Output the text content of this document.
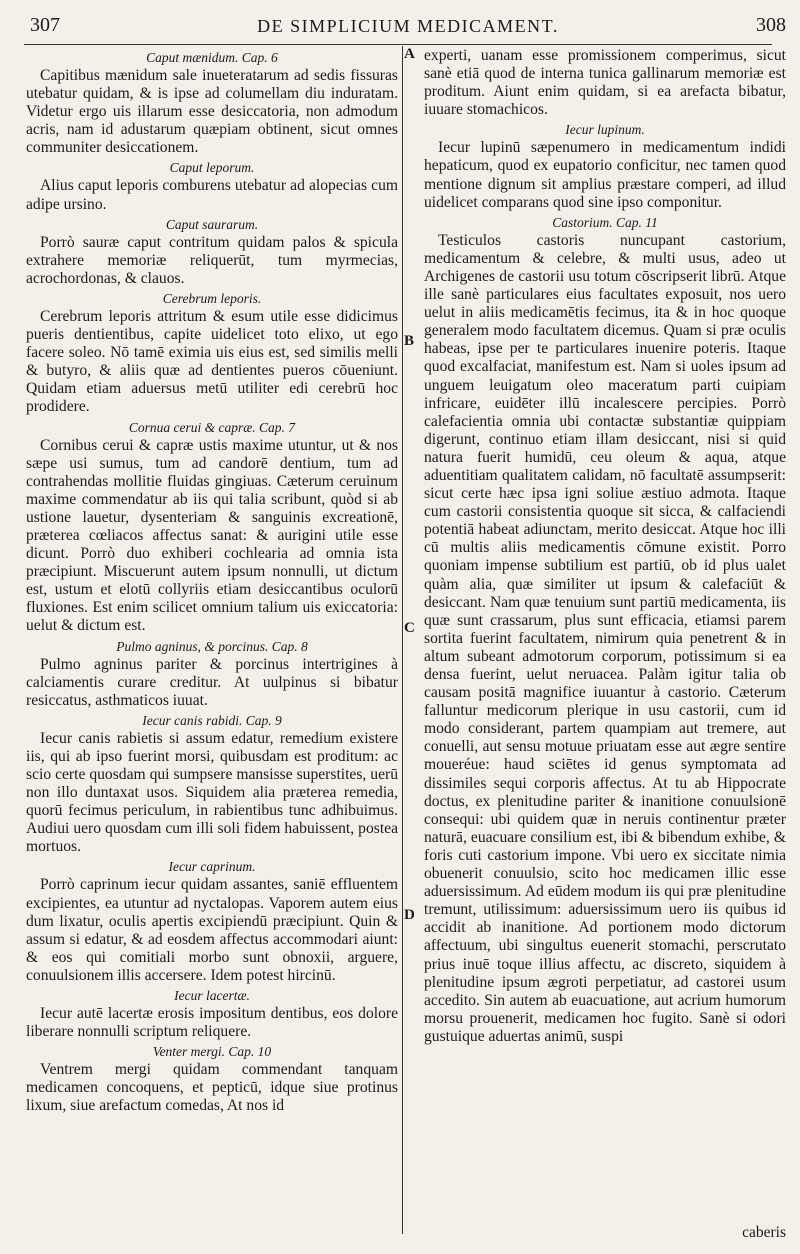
307	DE SIMPLICIUM MEDICAMENT.	308
A
B
C
D
Caput mænidum. Cap. 6

Capitibus mænidum sale inueteratarum ad sedis fissuras utebatur quidam, & is ipse ad columellam diu induratam. Videtur ergo uis illarum esse desiccatoria, non admodum acris, nam id adustarum quæpiam obtinent, sicut omnes communiter desiccationem.

Caput leporum.

Alius caput leporis comburens utebatur ad alopecias cum adipe ursino.

Caput saurarum.

Porrò sauræ caput contritum quidam palos & spicula extrahere memoriæ reliquerūt, tum myrmecias, acrochordonas, & clauos.

Cerebrum leporis.

Cerebrum leporis attritum & esum utile esse didicimus pueris dentientibus, capite uidelicet toto elixo, ut ego facere soleo. Nō tamē eximia uis eius est, sed similis melli & butyro, & aliis quæ ad dentientes pueros cōueniunt. Quidam etiam aduersus metū utiliter edi cerebrū hoc prodidere.

Cornua cerui & capræ. Cap. 7

Cornibus cerui & capræ ustis maxime utuntur, ut & nos sæpe usi sumus, tum ad candorē dentium, tum ad contrahendas mollitie fluidas gingiuas. Cæterum ceruinum maxime commendatur ab iis qui talia scribunt, quòd si ab ustione lauetur, dysenteriam & sanguinis excreationē, præterea cœliacos affectus sanat: & aurigini utile esse dicunt. Porrò duo exhiberi cochlearia ad omnia ista præcipiunt. Miscuerunt autem ipsum nonnulli, ut dictum est, ustum et elotū collyriis etiam desiccantibus oculorū fluxiones. Est enim scilicet omnium talium uis exiccatoria: uelut & dictum est.

Pulmo agninus, & porcinus. Cap. 8

Pulmo agninus pariter & porcinus intertrigines à calciamentis curare creditur. At uulpinus si bibatur resiccatus, asthmaticos iuuat.

Iecur canis rabidi. Cap. 9

Iecur canis rabietis si assum edatur, remedium existere iis, qui ab ipso fuerint morsi, quibusdam est proditum: ac scio certe quosdam qui sumpsere mansisse superstites, uerū non illo duntaxat usos. Siquidem alia præterea remedia, quorū fecimus periculum, in rabientibus tunc adhibuimus. Audiui uero quosdam cum illi soli fidem habuissent, postea mortuos.

Iecur caprinum.

Porrò caprinum iecur quidam assantes, saniē effluentem excipientes, ea utuntur ad nyctalopas. Vaporem autem eius dum lixatur, oculis apertis excipiendū præcipiunt. Quin & assum si edatur, & ad eosdem affectus accommodari aiunt: & eos qui comitiali morbo sunt obnoxii, arguere, conuulsionem illis accersere. Idem potest hircinū.

Iecur lacertæ.

Iecur autē lacertæ erosis impositum dentibus, eos dolore liberare nonnulli scriptum reliquere.

Venter mergi. Cap. 10

Ventrem mergi quidam commendant tanquam medicamen concoquens, et pepticū, idque siue protinus lixum, siue arefactum comedas, At nos id

experti, uanam esse promissionem comperimus, sicut sanè etiā quod de interna tunica gallinarum memoriæ est proditum. Aiunt enim quidam, si ea arefacta bibatur, iuuare stomachicos.

Iecur lupinum.

Iecur lupinū sæpenumero in medicamentum indidi hepaticum, quod ex eupatorio conficitur, nec tamen quod mentione dignum sit amplius præstare comperi, ad illud uidelicet comparans quod sine ipso componitur.

Castorium. Cap. 11

Testiculos castoris nuncupant castorium, medicamentum & celebre, & multi usus, adeo ut Archigenes de castorii usu totum cōscripserit librū. Atque ille sanè particulares eius facultates exposuit, nos uero uelut in aliis medicamētis fecimus, ita & in hoc quoque generalem modo facultatem dicemus. Quam si præ oculis habeas, ipse per te particulares inuenire poteris. Itaque quod excalfaciat, manifestum est. Nam si uoles ipsum ad unguem leuigatum oleo maceratum parti cuipiam infricare, euidēter illū incalescere percipies. Porrò calefacientia omnia ubi contactæ substantiæ quippiam digerunt, continuo etiam illam desiccant, nisi si quid natura fuerit humidū, ceu oleum & aqua, atque aduentitiam qualitatem calidam, nō facultatē assumpserit: sicut certe hæc ipsa igni soliue æstiuo admota. Itaque cum castorii consistentia quoque sit sicca, & calfaciendi potentiā habeat adiunctam, merito desiccat. Atque hoc illi cū multis aliis medicamentis cōmune existit. Porro quoniam impense subtilium est partiū, ob id plus ualet quàm alia, quæ similiter ut ipsum & calefaciūt & desiccant. Nam quæ tenuium sunt partiū medicamenta, iis quæ sunt crassarum, plus sunt efficacia, etiamsi parem sortita fuerint facultatem, nimirum quia penetrent & in altum subeant admotorum corporum, potissimum si ea densa fuerint, uelut neruacea. Palàm igitur talia ob causam positā magnifice iuuantur à castorio. Cæterum falluntur medicorum plerique in usu castorii, cum id modo considerant, partem quampiam aut tremere, aut conuelli, aut sensu motuue priuatam esse aut ægre sentire moueréue: haud sciētes id genus symptomata ad dissimiles sequi corporis affectus. At tu ab Hippocrate doctus, ex plenitudine pariter & inanitione conuulsionē consequi: ubi quidem quæ in neruis continentur præter naturā, euacuare consilium est, ibi & bibendum exhibe, & foris cuti castorium impone. Vbi uero ex siccitate nimia obuenerit conuulsio, scito hoc medicamen illic esse aduersissimum. Ad eūdem modum iis qui præ plenitudine tremunt, utilissimum: aduersissimum uero iis quibus id accidit ab inanitione. Ad portionem modo dictorum affectuum, ubi singultus euenerit stomachi, perscrutato prius inuē toque illius affectu, ac discreto, siquidem à plenitudine ipsum ægroti perpetiatur, ad castorei usum accedito. Sin autem ab euacuatione, aut acrium humorum morsu prouenerit, medicamen hoc fugito. Sanè si odori gustuique aduertas animū, suspi

caberis
